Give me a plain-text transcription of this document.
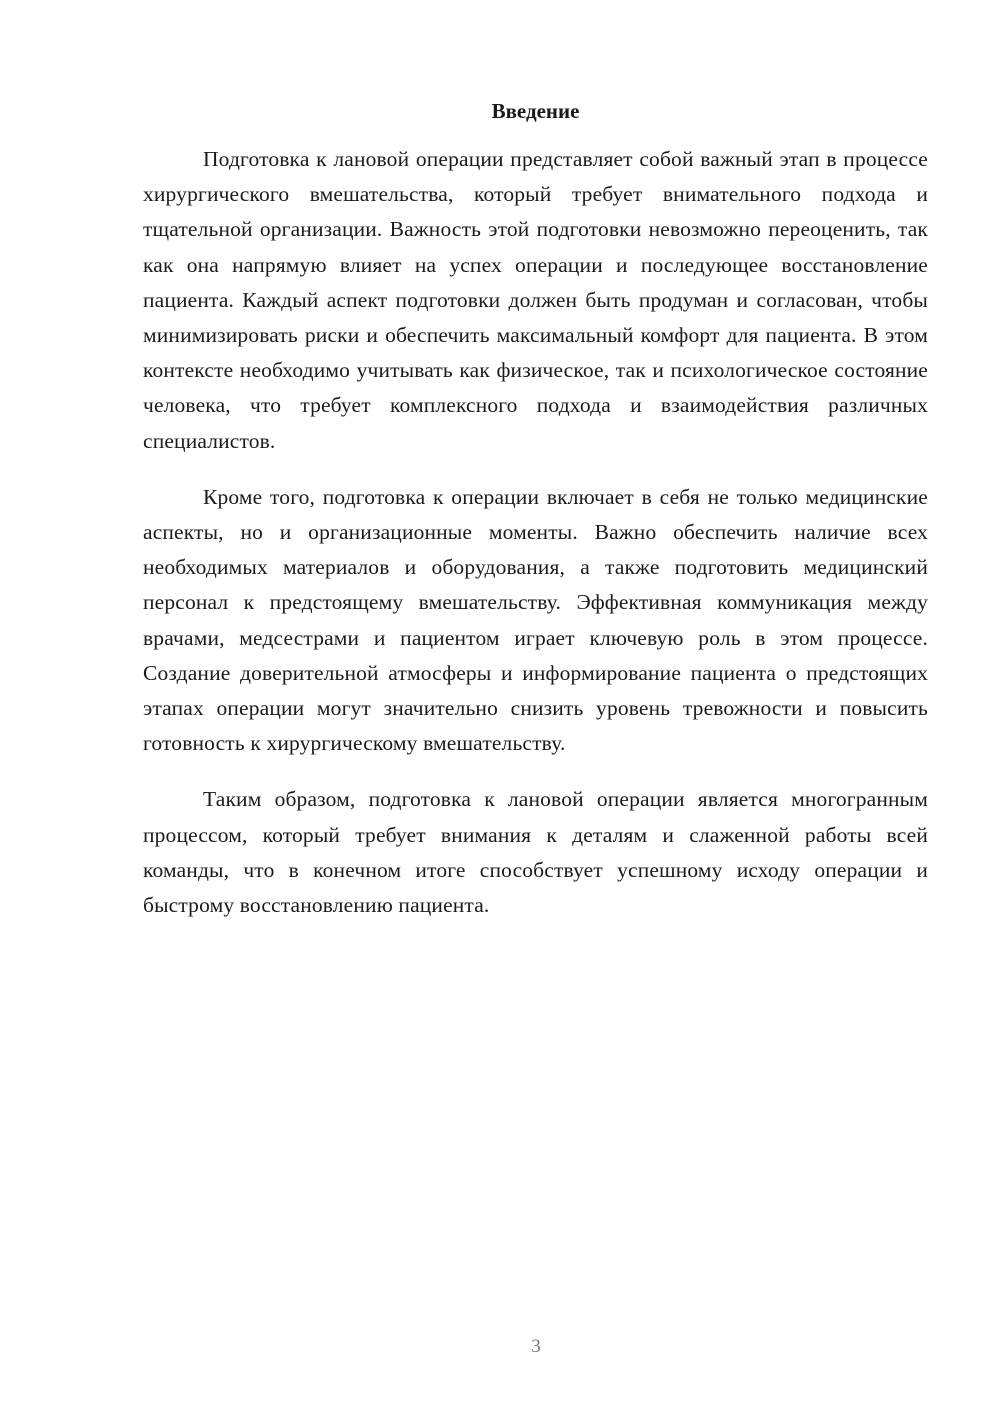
Введение

Подготовка к лановой операции представляет собой важный этап в процессе хирургического вмешательства, который требует внимательного подхода и тщательной организации. Важность этой подготовки невозможно переоценить, так как она напрямую влияет на успех операции и последующее восстановление пациента. Каждый аспект подготовки должен быть продуман и согласован, чтобы минимизировать риски и обеспечить максимальный комфорт для пациента. В этом контексте необходимо учитывать как физическое, так и психологическое состояние человека, что требует комплексного подхода и взаимодействия различных специалистов.

Кроме того, подготовка к операции включает в себя не только медицинские аспекты, но и организационные моменты. Важно обеспечить наличие всех необходимых материалов и оборудования, а также подготовить медицинский персонал к предстоящему вмешательству. Эффективная коммуникация между врачами, медсестрами и пациентом играет ключевую роль в этом процессе. Создание доверительной атмосферы и информирование пациента о предстоящих этапах операции могут значительно снизить уровень тревожности и повысить готовность к хирургическому вмешательству.

Таким образом, подготовка к лановой операции является многогранным процессом, который требует внимания к деталям и слаженной работы всей команды, что в конечном итоге способствует успешному исходу операции и быстрому восстановлению пациента.

3
